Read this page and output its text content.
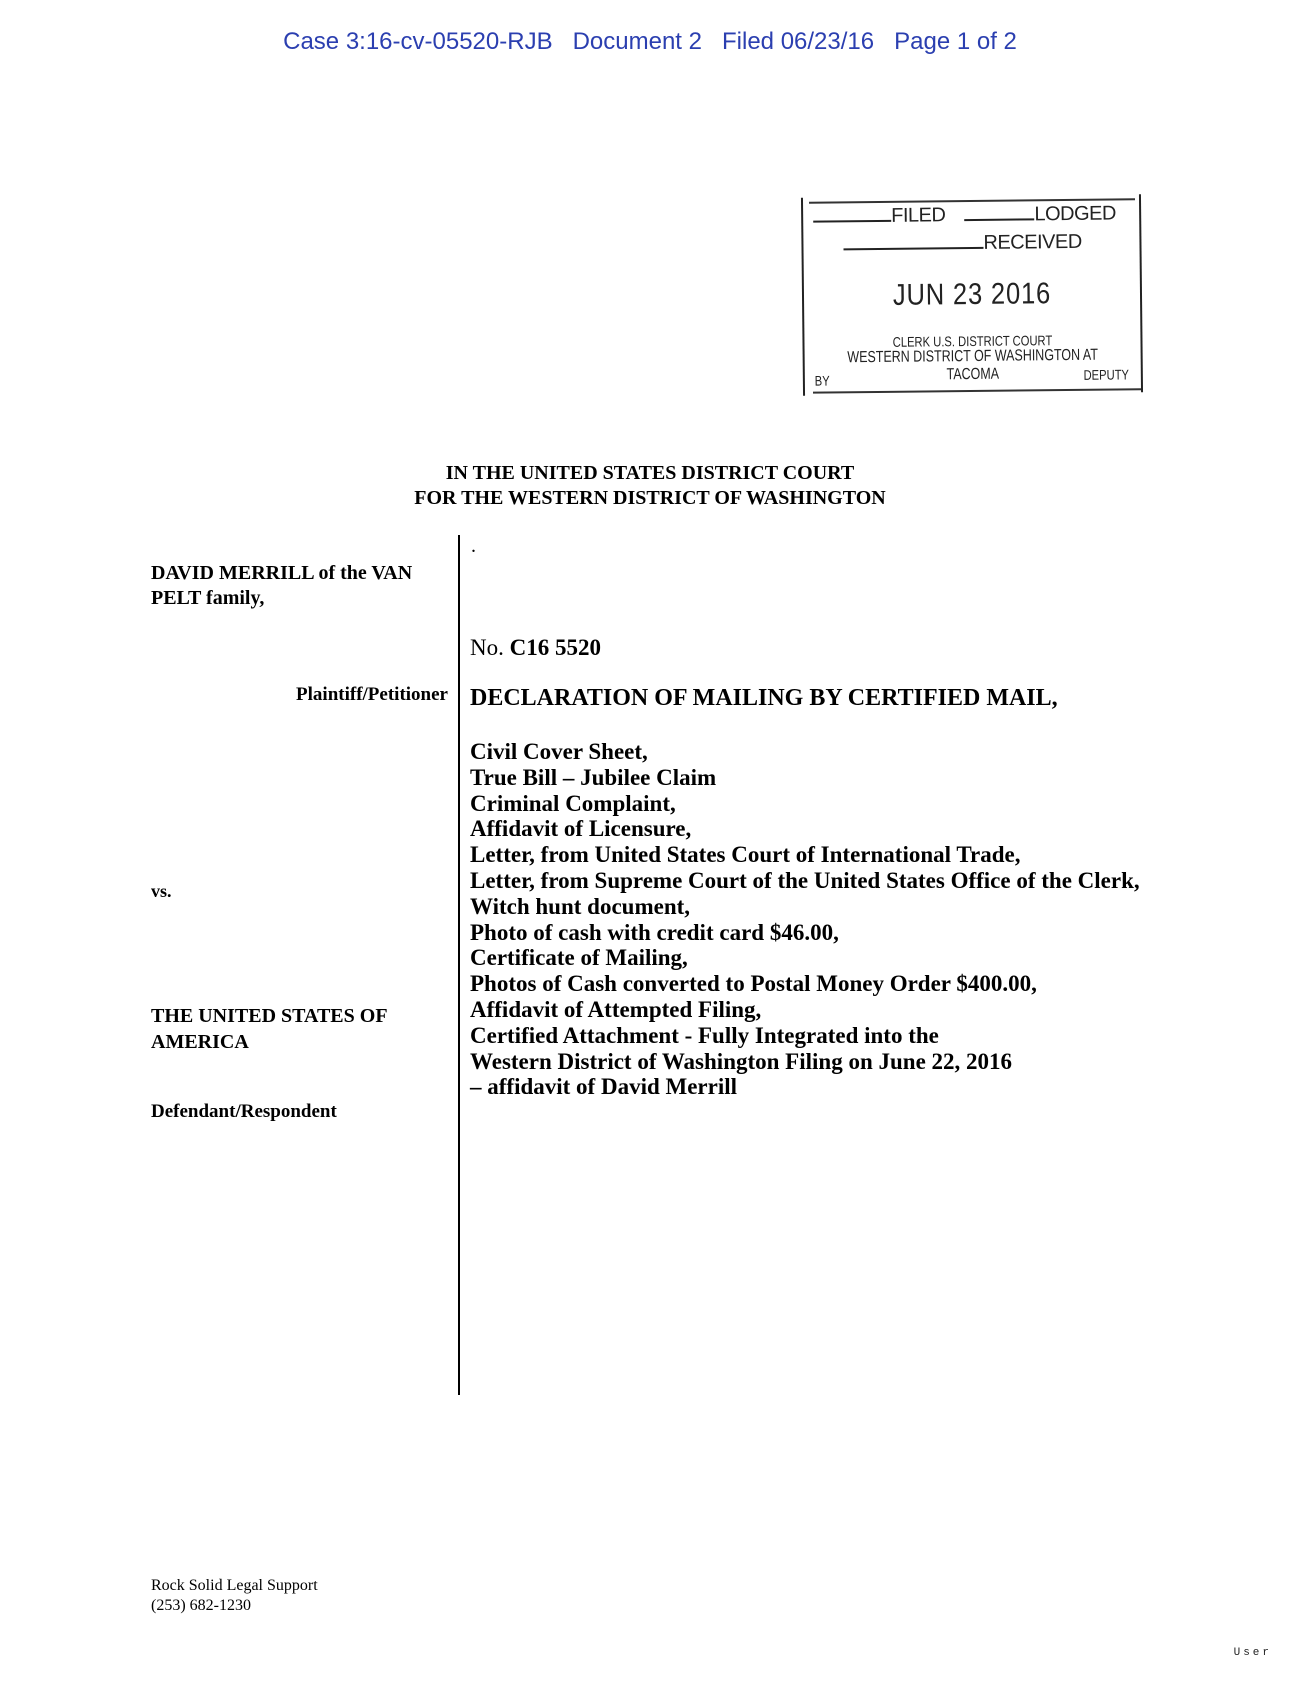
Case 3:16-cv-05520-RJB Document 2 Filed 06/23/16 Page 1 of 2
FILED	LODGED
RECEIVED
JUN 23 2016
CLERK U.S. DISTRICT COURT
WESTERN DISTRICT OF WASHINGTON AT TACOMA
BY	DEPUTY
IN THE UNITED STATES DISTRICT COURT
FOR THE WESTERN DISTRICT OF WASHINGTON
.
DAVID MERRILL of the VAN
PELT family,
Plaintiff/Petitioner
vs.
THE UNITED STATES OF
AMERICA
Defendant/Respondent
No. C16 5520
DECLARATION OF MAILING BY CERTIFIED MAIL,
Civil Cover Sheet,
True Bill – Jubilee Claim
Criminal Complaint,
Affidavit of Licensure,
Letter, from United States Court of International Trade,
Letter, from Supreme Court of the United States Office of the Clerk,
Witch hunt document,
Photo of cash with credit card $46.00,
Certificate of Mailing,
Photos of Cash converted to Postal Money Order $400.00,
Affidavit of Attempted Filing,
Certified Attachment - Fully Integrated into the
Western District of Washington Filing on June 22, 2016
– affidavit of David Merrill
Rock Solid Legal Support
(253) 682-1230
User
